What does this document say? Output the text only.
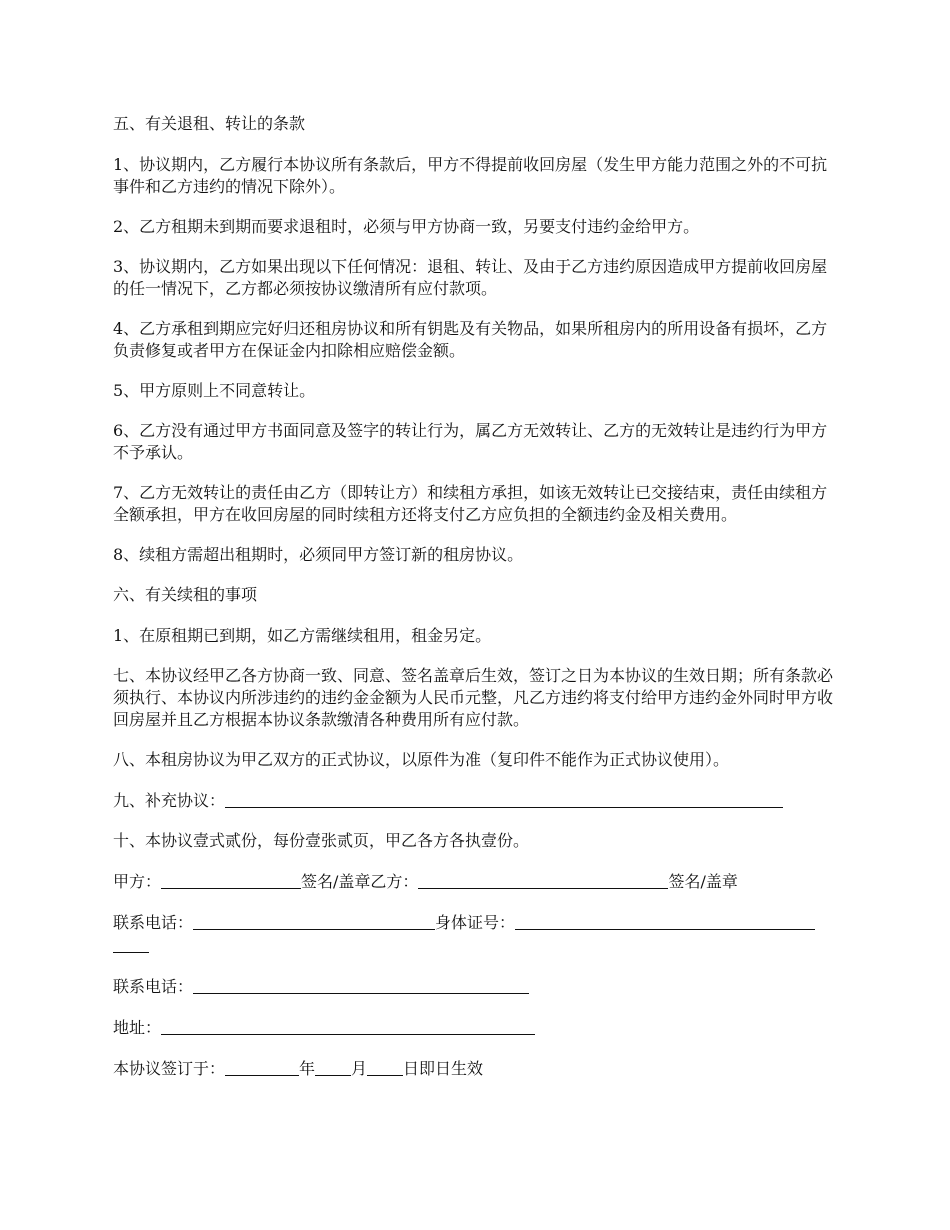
五、有关退租、转让的条款

1、协议期内，乙方履行本协议所有条款后，甲方不得提前收回房屋（发生甲方能力范围之外的不可抗事件和乙方违约的情况下除外）。

2、乙方租期未到期而要求退租时，必须与甲方协商一致，另要支付违约金给甲方。

3、协议期内，乙方如果出现以下任何情况：退租、转让、及由于乙方违约原因造成甲方提前收回房屋的任一情况下，乙方都必须按协议缴清所有应付款项。

4、乙方承租到期应完好归还租房协议和所有钥匙及有关物品，如果所租房内的所用设备有损坏，乙方负责修复或者甲方在保证金内扣除相应赔偿金额。

5、甲方原则上不同意转让。

6、乙方没有通过甲方书面同意及签字的转让行为，属乙方无效转让、乙方的无效转让是违约行为甲方不予承认。

7、乙方无效转让的责任由乙方（即转让方）和续租方承担，如该无效转让已交接结束，责任由续租方全额承担，甲方在收回房屋的同时续租方还将支付乙方应负担的全额违约金及相关费用。

8、续租方需超出租期时，必须同甲方签订新的租房协议。

六、有关续租的事项

1、在原租期已到期，如乙方需继续租用，租金另定。

七、本协议经甲乙各方协商一致、同意、签名盖章后生效，签订之日为本协议的生效日期；所有条款必须执行、本协议内所涉违约的违约金金额为人民币元整，凡乙方违约将支付给甲方违约金外同时甲方收回房屋并且乙方根据本协议条款缴清各种费用所有应付款。

八、本租房协议为甲乙双方的正式协议，以原件为准（复印件不能作为正式协议使用）。

九、补充协议：

十、本协议壹式贰份，每份壹张贰页，甲乙各方各执壹份。

甲方：	签名/盖章乙方：	签名/盖章

联系电话：	身体证号：

联系电话：

地址：

本协议签订于：	年 月 日即日生效
